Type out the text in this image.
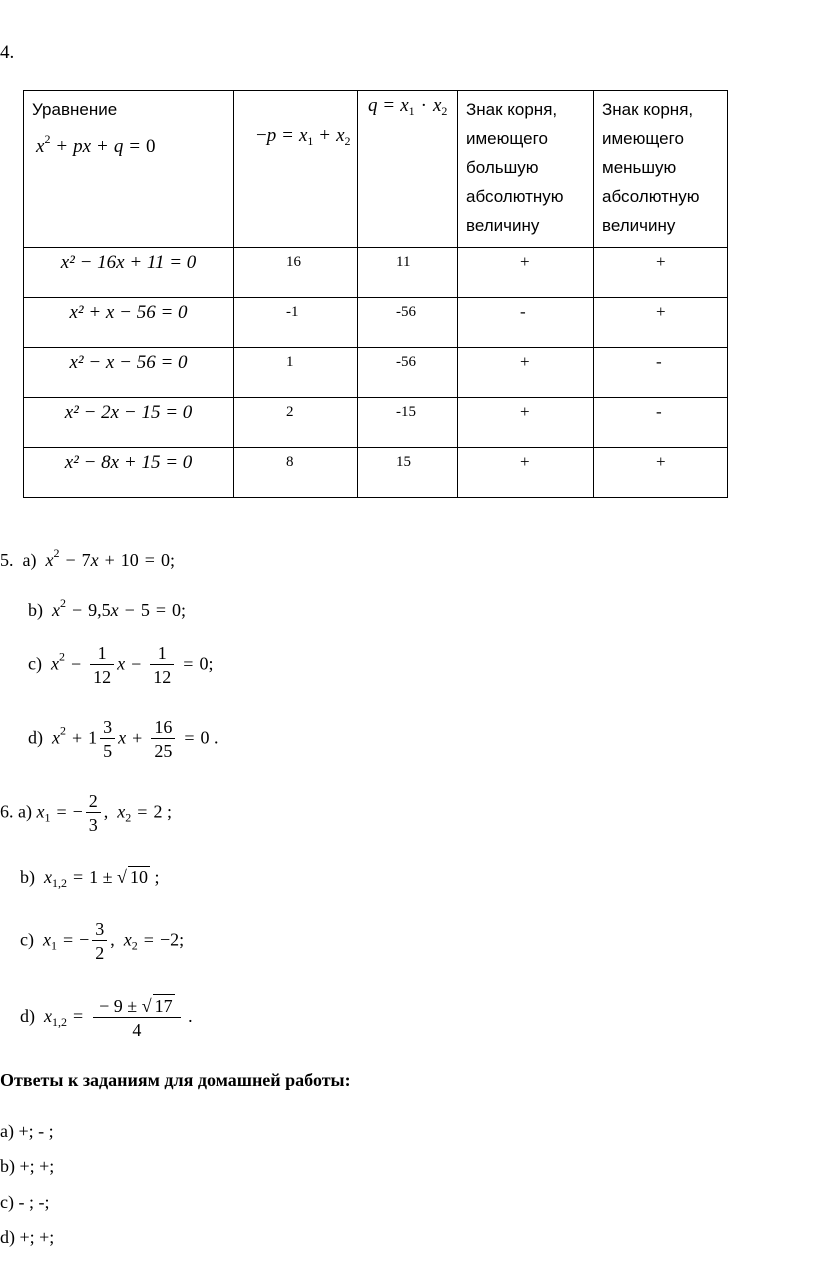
4.
Уравнение
$x^2$ + px + q = 0	$-p = x_1 + x_2$	$q = x_1 \cdot x_2$	Знак корня, имеющего большую абсолютную величину	Знак корня, имеющего меньшую абсолютную величину

x² − 16x + 11 = 0	16	11	+	+

x² + x − 56 = 0	-1	-56	-	+

x² − x − 56 = 0	1	-56	+	-

x² − 2x − 15 = 0	2	-15	+	-

x² − 8x + 15 = 0	8	15	+	+
5. a) $x^2 - 7x + 10 = 0$;
b) $x^2 - 9,5x - 5 = 0$;
c) $x^2 - \frac{1}{12}$ $x - \frac{1}{12} = 0$;
d) $x^2 + 1 \frac{3}{5}$ $x + \frac{16}{25} = 0$ .
6. a) $x_1$ = − $\frac{2}{3}$ , $x_2 = 2$ ;
b) $x_{1,2} = 1$ ± √ 10 ;
c) $x_1$ = − $\frac{3}{2}$ , $x_2 = -2$;
d) $x_{1,2} = \frac{- 9 \pm √ 17}{4}$ .
Ответы к заданиям для домашней работы:
a) +; - ;
b) +; +;
c) - ; -;
d) +; +;
